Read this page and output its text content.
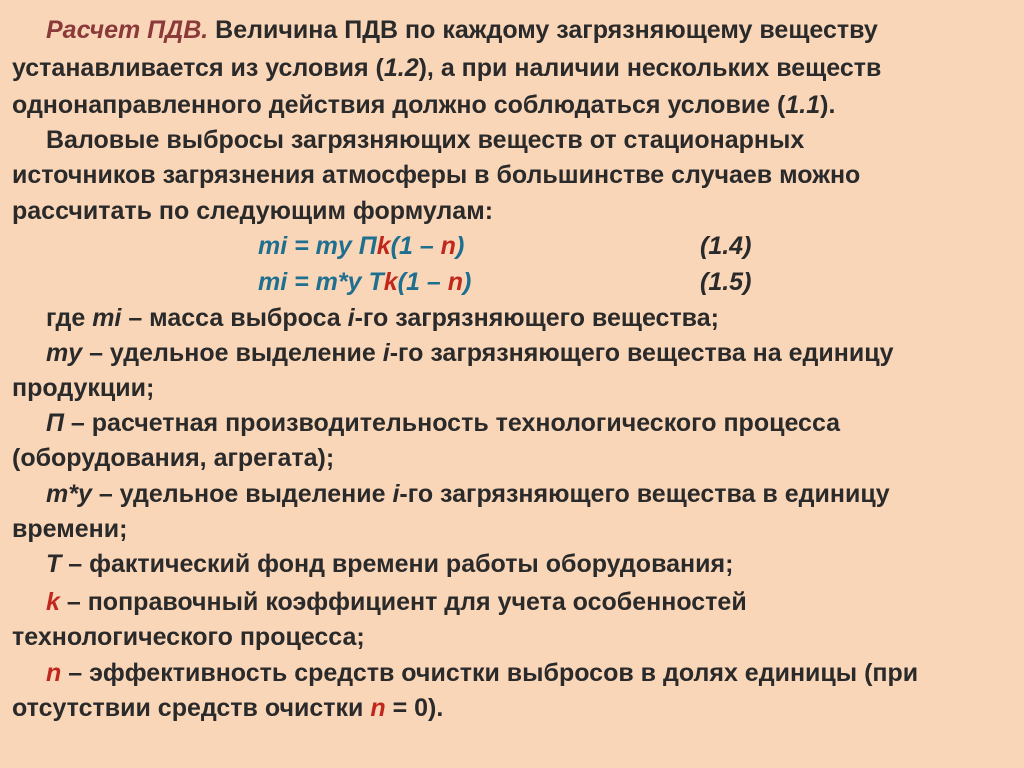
Расчет ПДВ. Величина ПДВ по каждому загрязняющему веществу
устанавливается из условия (1.2), а при наличии нескольких веществ
однонаправленного действия должно соблюдаться условие (1.1).
Валовые выбросы загрязняющих веществ от стационарных
источников загрязнения атмосферы в большинстве случаев можно
рассчитать по следующим формулам:
mi = mу Пk(1 – n)	(1.4)
mi = m*у Тk(1 – n)	(1.5)
где mi – масса выброса i-го загрязняющего вещества;
mу – удельное выделение i-го загрязняющего вещества на единицу
продукции;
П – расчетная производительность технологического процесса
(оборудования, агрегата);
m*у – удельное выделение i-го загрязняющего вещества в единицу
времени;
Т – фактический фонд времени работы оборудования;
k – поправочный коэффициент для учета особенностей
технологического процесса;
n – эффективность средств очистки выбросов в долях единицы (при
отсутствии средств очистки n = 0).
